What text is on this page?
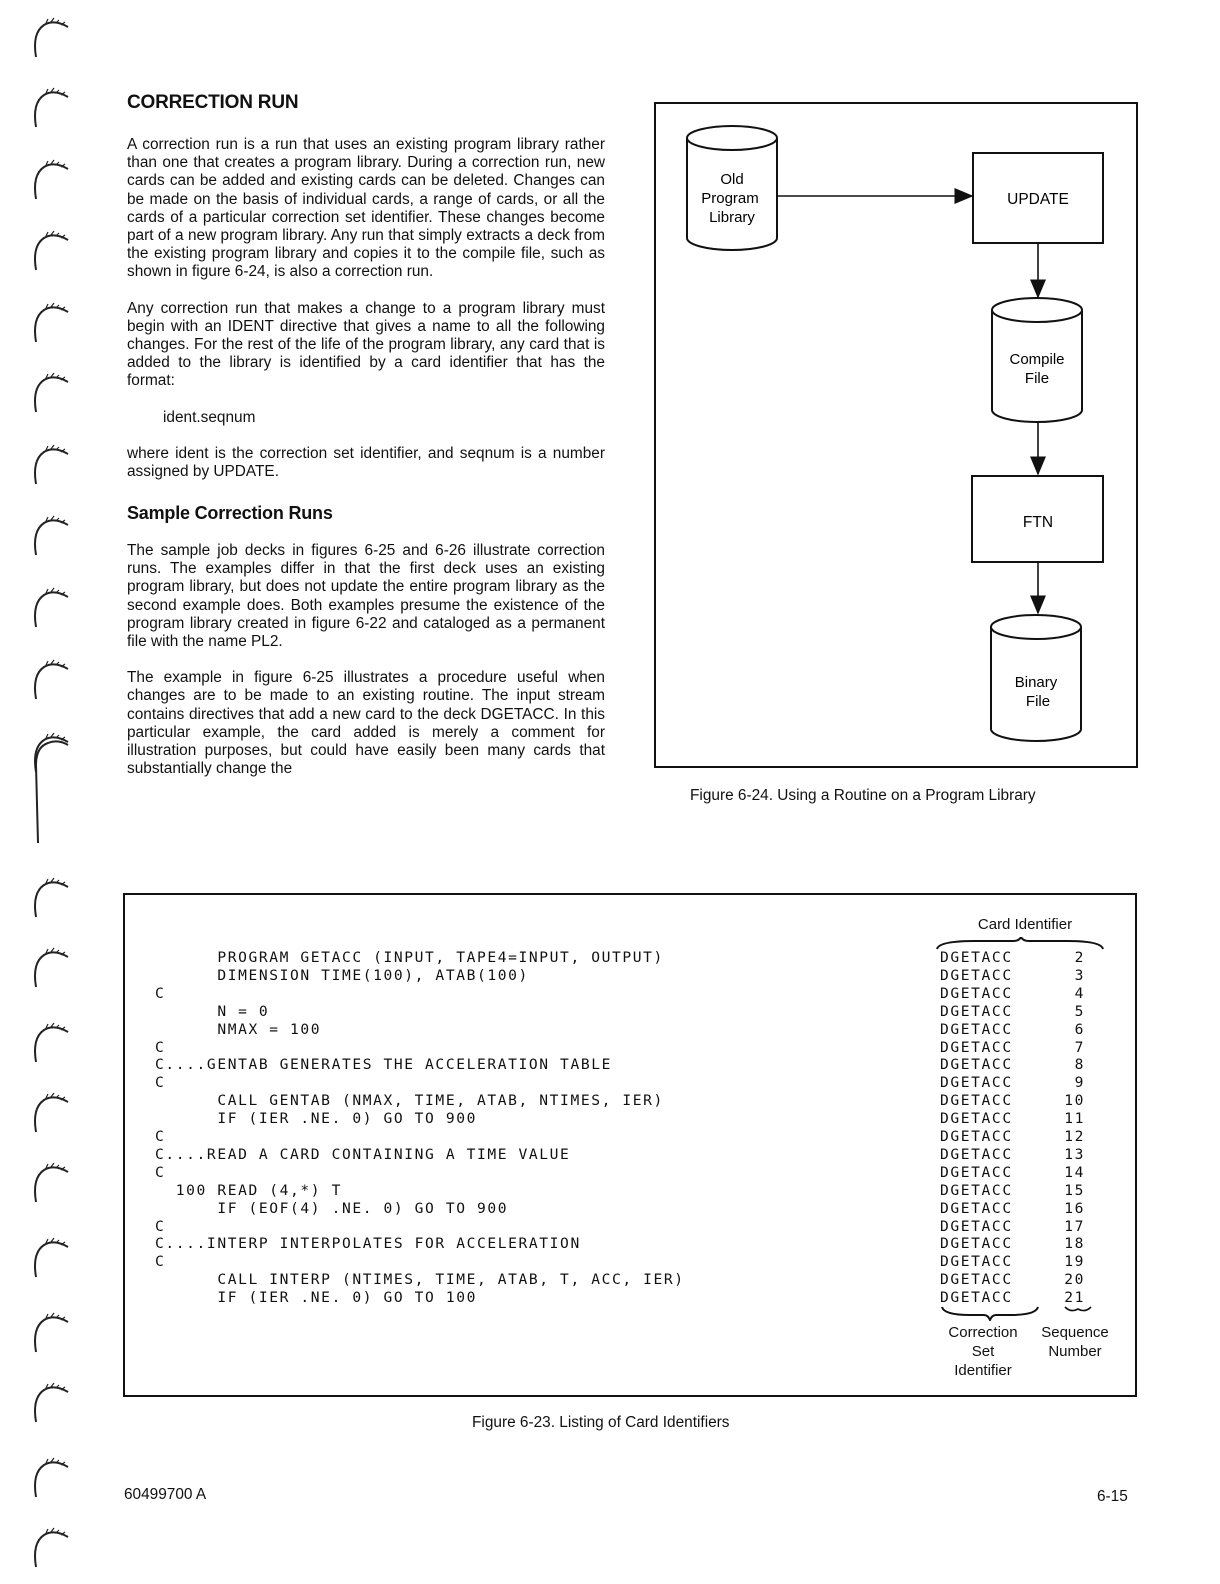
CORRECTION RUN
A correction run is a run that uses an existing program library rather than one that creates a program library. During a correction run, new cards can be added and existing cards can be deleted. Changes can be made on the basis of individual cards, a range of cards, or all the cards of a particular correction set identifier. These changes become part of a new program library. Any run that simply extracts a deck from the existing program library and copies it to the compile file, such as shown in figure 6-24, is also a correction run.
Any correction run that makes a change to a program library must begin with an IDENT directive that gives a name to all the following changes. For the rest of the life of the program library, any card that is added to the library is identified by a card identifier that has the format:
ident.seqnum
where ident is the correction set identifier, and seqnum is a number assigned by UPDATE.
Sample Correction Runs
The sample job decks in figures 6-25 and 6-26 illustrate correction runs. The examples differ in that the first deck uses an existing program library, but does not update the entire program library as the second example does. Both examples presume the existence of the program library created in figure 6-22 and cataloged as a permanent file with the name PL2.
The example in figure 6-25 illustrates a procedure useful when changes are to be made to an existing routine. The input stream contains directives that add a new card to the deck DGETACC. In this particular example, the card added is merely a comment for illustration purposes, but could have easily been many cards that substantially change the
Old
Program
Library
UPDATE
Compile
File
FTN
Binary
File
Figure 6-24. Using a Routine on a Program Library
Card Identifier
PROGRAM GETACC (INPUT, TAPE4=INPUT, OUTPUT)	DGETACC	2
DIMENSION TIME(100), ATAB(100)	DGETACC	3
C	DGETACC	4
N = 0	DGETACC	5
NMAX = 100	DGETACC	6
C	DGETACC	7
C....GENTAB GENERATES THE ACCELERATION TABLE	DGETACC	8
C	DGETACC	9
CALL GENTAB (NMAX, TIME, ATAB, NTIMES, IER)	DGETACC	10
IF (IER .NE. 0) GO TO 900	DGETACC	11
C	DGETACC	12
C....READ A CARD CONTAINING A TIME VALUE	DGETACC	13
C	DGETACC	14
100 READ (4,*) T	DGETACC	15
IF (EOF(4) .NE. 0) GO TO 900	DGETACC	16
C	DGETACC	17
C....INTERP INTERPOLATES FOR ACCELERATION	DGETACC	18
C	DGETACC	19
CALL INTERP (NTIMES, TIME, ATAB, T, ACC, IER)	DGETACC	20
IF (IER .NE. 0) GO TO 100	DGETACC	21
Correction
Set
Identifier
Sequence
Number
Figure 6-23. Listing of Card Identifiers
60499700 A	6-15
